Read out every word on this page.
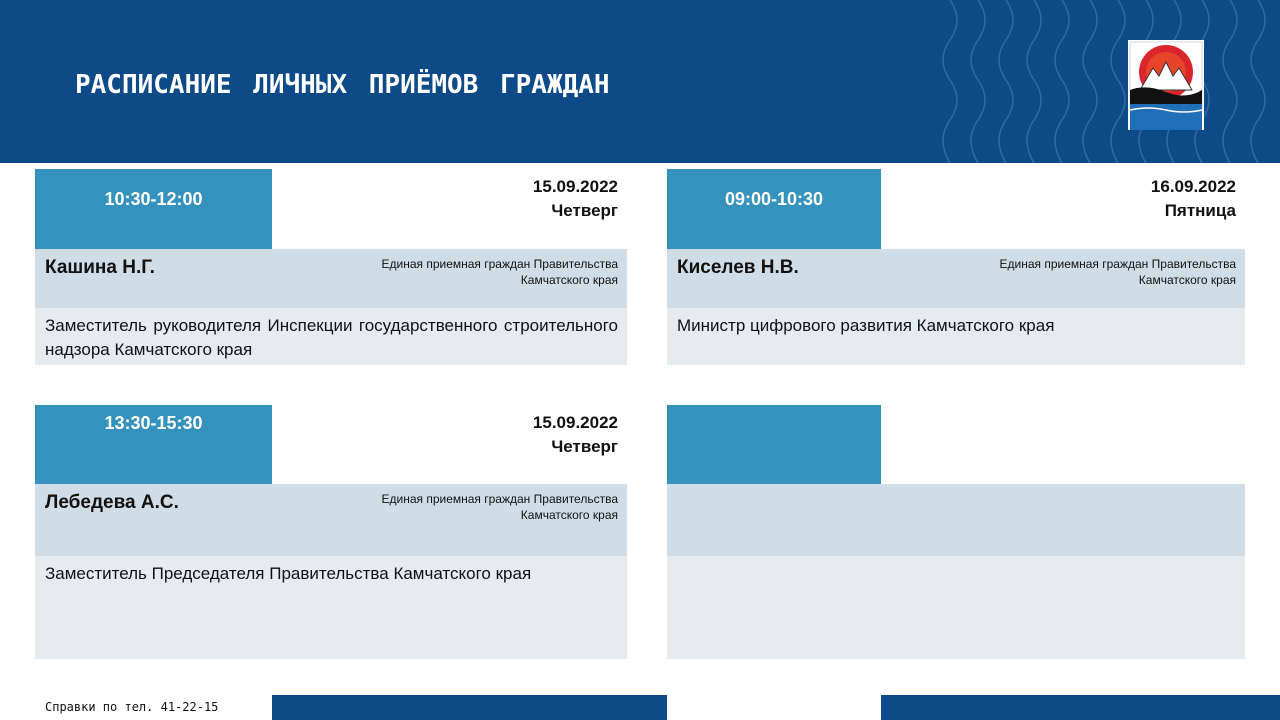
РАСПИСАНИЕ ЛИЧНЫХ ПРИЁМОВ ГРАЖДАН
10:30-12:00
15.09.2022
Четверг
Кашина Н.Г.	Единая приемная граждан Правительства Камчатского края
Заместитель руководителя Инспекции государственного строительного надзора Камчатского края
09:00-10:30
16.09.2022
Пятница
Киселев Н.В.	Единая приемная граждан Правительства Камчатского края
Министр цифрового развития Камчатского края
13:30-15:30	15.09.2022
Четверг
Лебедева А.С.	Единая приемная граждан Правительства Камчатского края
Заместитель Председателя Правительства Камчатского края
Справки по тел. 41-22-15
